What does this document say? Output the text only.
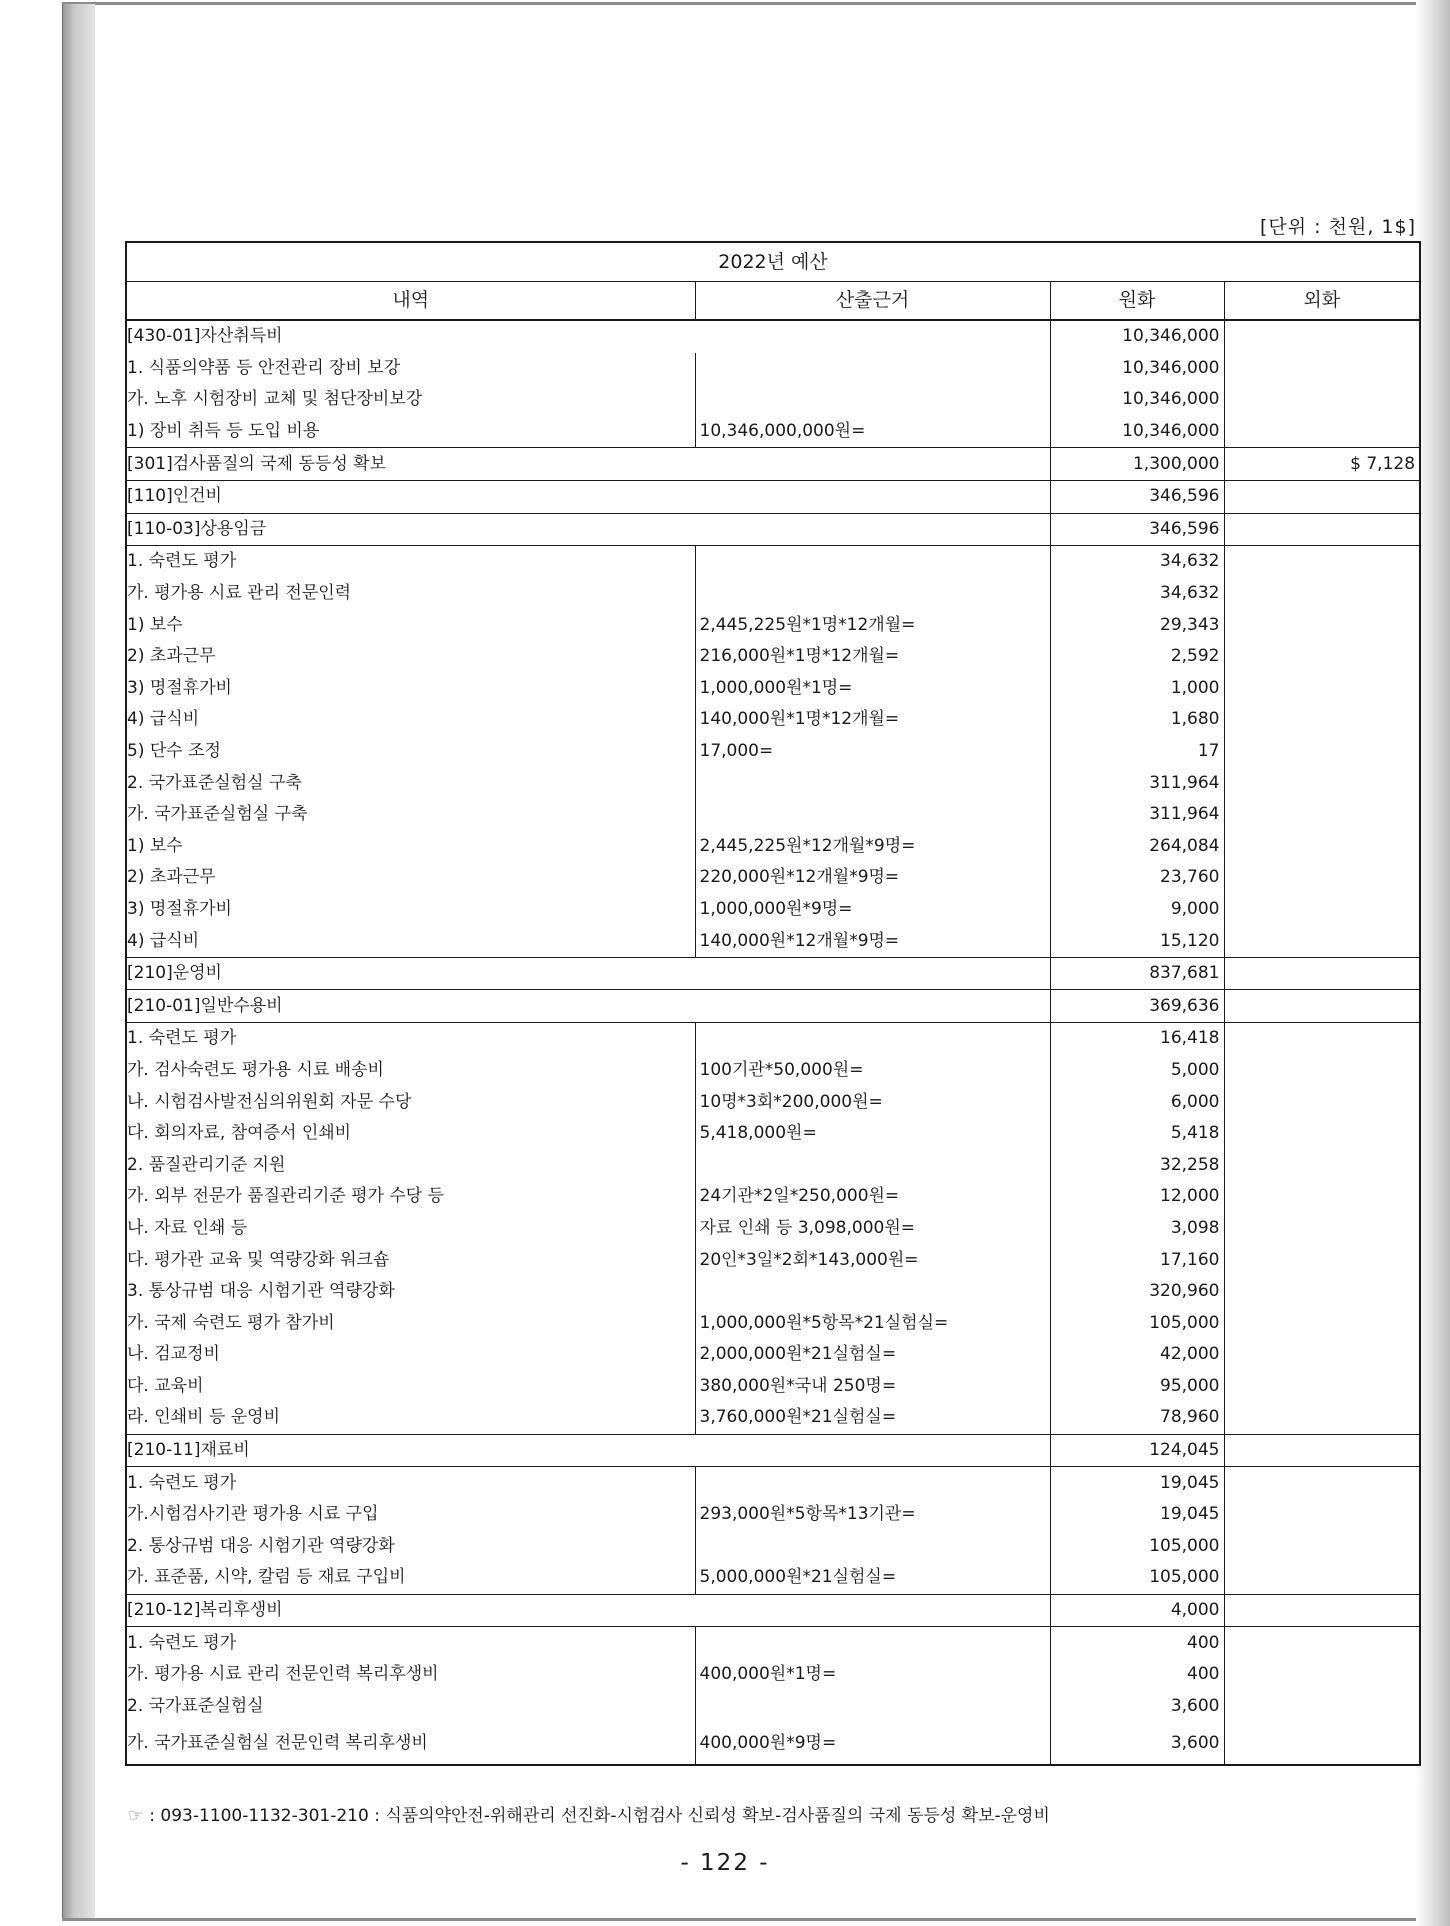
[단위 : 천원, 1$]
2022년 예산			
내역	산출근거	원화	외화
[430-01]자산취득비		10,346,000	
1. 식품의약품 등 안전관리 장비 보강		10,346,000	
가. 노후 시험장비 교체 및 첨단장비보강		10,346,000	
1) 장비 취득 등 도입 비용	10,346,000,000원=	10,346,000	
[301]검사품질의 국제 동등성 확보		1,300,000	$ 7,128
[110]인건비		346,596	
[110-03]상용임금		346,596	
1. 숙련도 평가		34,632	
가. 평가용 시료 관리 전문인력		34,632	
1) 보수	2,445,225원*1명*12개월=	29,343	
2) 초과근무	216,000원*1명*12개월=	2,592	
3) 명절휴가비	1,000,000원*1명=	1,000	
4) 급식비	140,000원*1명*12개월=	1,680	
5) 단수 조정	17,000=	17	
2. 국가표준실험실 구축		311,964	
가. 국가표준실험실 구축		311,964	
1) 보수	2,445,225원*12개월*9명=	264,084	
2) 초과근무	220,000원*12개월*9명=	23,760	
3) 명절휴가비	1,000,000원*9명=	9,000	
4) 급식비	140,000원*12개월*9명=	15,120	
[210]운영비		837,681	
[210-01]일반수용비		369,636	
1. 숙련도 평가		16,418	
가. 검사숙련도 평가용 시료 배송비	100기관*50,000원=	5,000	
나. 시험검사발전심의위원회 자문 수당	10명*3회*200,000원=	6,000	
다. 회의자료, 참여증서 인쇄비	5,418,000원=	5,418	
2. 품질관리기준 지원		32,258	
가. 외부 전문가 품질관리기준 평가 수당 등	24기관*2일*250,000원=	12,000	
나. 자료 인쇄 등	자료 인쇄 등 3,098,000원=	3,098	
다. 평가관 교육 및 역량강화 워크숍	20인*3일*2회*143,000원=	17,160	
3. 통상규범 대응 시험기관 역량강화		320,960	
가. 국제 숙련도 평가 참가비	1,000,000원*5항목*21실험실=	105,000	
나. 검교정비	2,000,000원*21실험실=	42,000	
다. 교육비	380,000원*국내 250명=	95,000	
라. 인쇄비 등 운영비	3,760,000원*21실험실=	78,960	
[210-11]재료비		124,045	
1. 숙련도 평가		19,045	
가.시험검사기관 평가용 시료 구입	293,000원*5항목*13기관=	19,045	
2. 통상규범 대응 시험기관 역량강화		105,000	
가. 표준품, 시약, 칼럼 등 재료 구입비	5,000,000원*21실험실=	105,000	
[210-12]복리후생비		4,000	
1. 숙련도 평가		400	
가. 평가용 시료 관리 전문인력 복리후생비	400,000원*1명=	400	
2. 국가표준실험실		3,600	
가. 국가표준실험실 전문인력 복리후생비	400,000원*9명=	3,600	
☞ : 093-1100-1132-301-210 : 식품의약안전-위해관리 선진화-시험검사 신뢰성 확보-검사품질의 국제 동등성 확보-운영비
- 122 -
